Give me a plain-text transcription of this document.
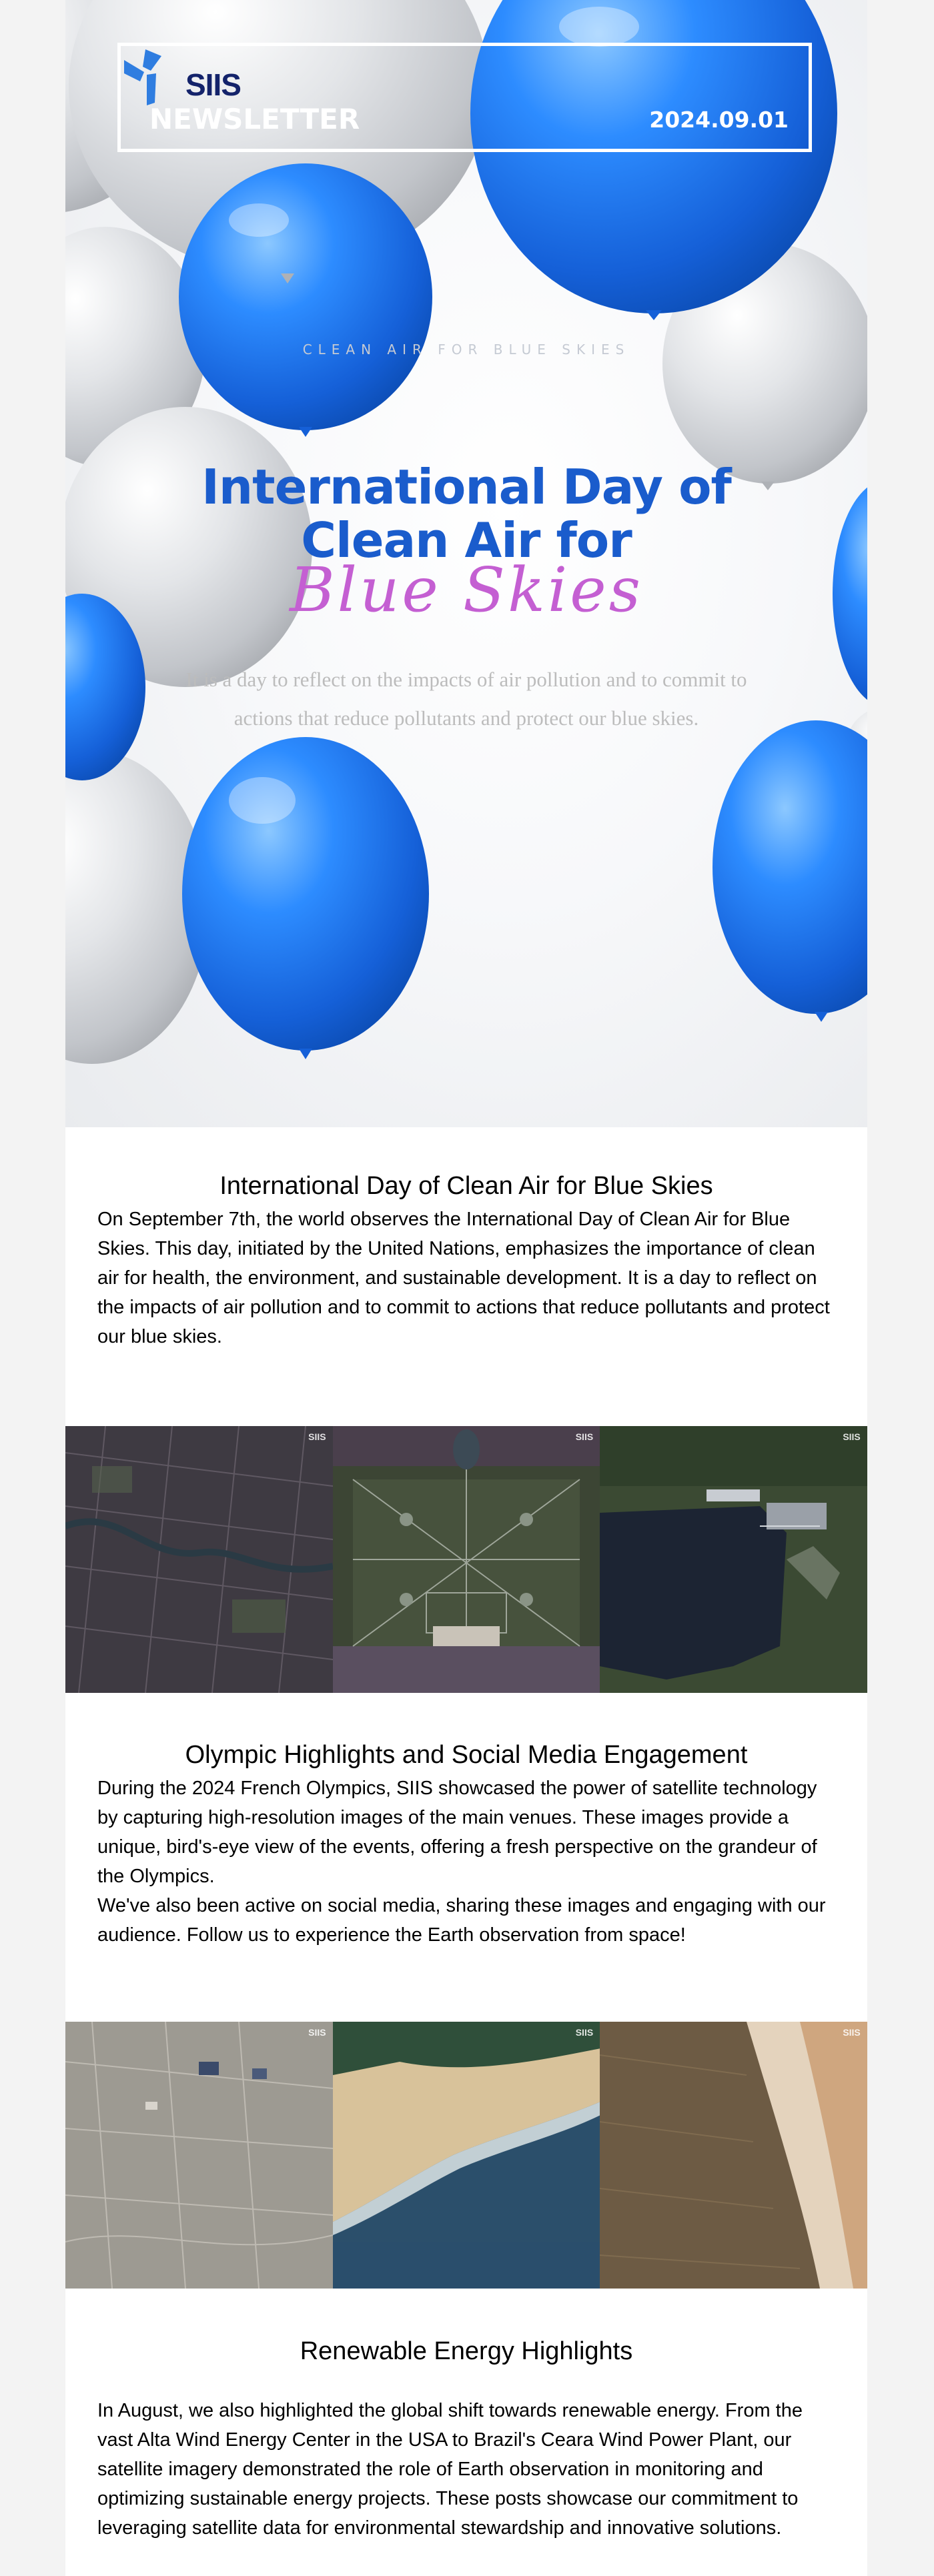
SIIS
NEWSLETTER	2024.09.01
CLEAN AIR FOR BLUE SKIES
International Day of
Clean Air for
Blue Skies
It is a day to reflect on the impacts of air pollution and to commit to actions that reduce pollutants and protect our blue skies.
International Day of Clean Air for Blue Skies

On September 7th, the world observes the International Day of Clean Air for Blue Skies. This day, initiated by the United Nations, emphasizes the importance of clean air for health, the environment, and sustainable development. It is a day to reflect on the impacts of air pollution and to commit to actions that reduce pollutants and protect our blue skies.

SIIS	SIIS	SIIS
Olympic Highlights and Social Media Engagement

During the 2024 French Olympics, SIIS showcased the power of satellite technology by capturing high-resolution images of the main venues. These images provide a unique, bird's-eye view of the events, offering a fresh perspective on the grandeur of the Olympics.

We've also been active on social media, sharing these images and engaging with our audience. Follow us to experience the Earth observation from space!

SIIS	SIIS	SIIS
Renewable Energy Highlights

In August, we also highlighted the global shift towards renewable energy. From the vast Alta Wind Energy Center in the USA to Brazil's Ceara Wind Power Plant, our satellite imagery demonstrated the role of Earth observation in monitoring and optimizing sustainable energy projects. These posts showcase our commitment to leveraging satellite data for environmental stewardship and innovative solutions.
